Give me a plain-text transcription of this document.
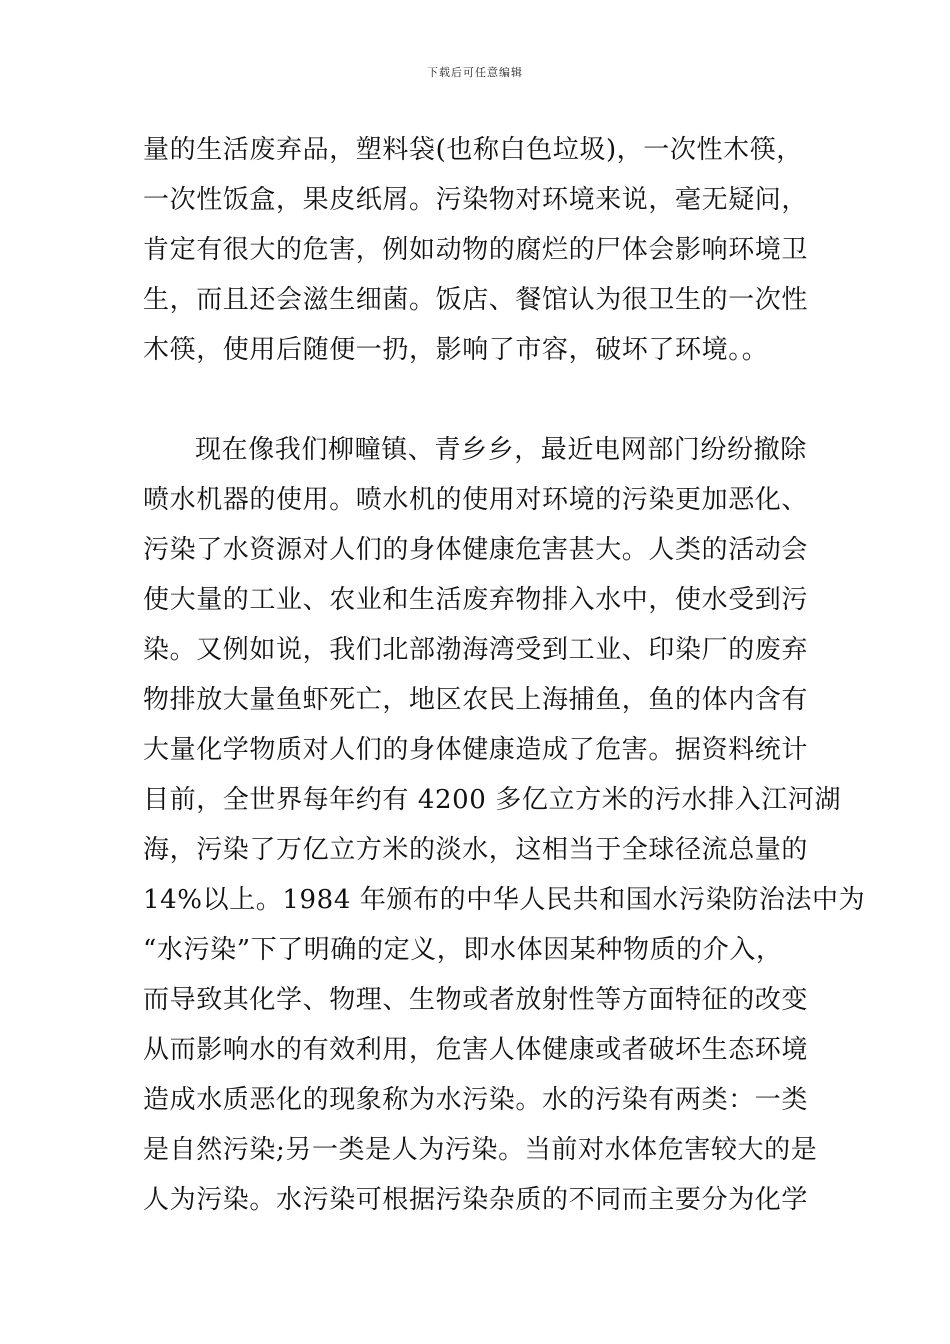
下载后可任意编辑
量的生活废弃品，塑料袋(也称白色垃圾)，一次性木筷，
一次性饭盒，果皮纸屑。污染物对环境来说，毫无疑问，
肯定有很大的危害，例如动物的腐烂的尸体会影响环境卫
生，而且还会滋生细菌。饭店、餐馆认为很卫生的一次性
木筷，使用后随便一扔，影响了市容，破坏了环境。。
现在像我们柳疃镇、青乡乡，最近电网部门纷纷撤除
喷水机器的使用。喷水机的使用对环境的污染更加恶化、
污染了水资源对人们的身体健康危害甚大。人类的活动会
使大量的工业、农业和生活废弃物排入水中，使水受到污
染。又例如说，我们北部渤海湾受到工业、印染厂的废弃
物排放大量鱼虾死亡，地区农民上海捕鱼，鱼的体内含有
大量化学物质对人们的身体健康造成了危害。据资料统计
目前，全世界每年约有 4200 多亿立方米的污水排入江河湖
海，污染了万亿立方米的淡水，这相当于全球径流总量的
14%以上。1984 年颁布的中华人民共和国水污染防治法中为
“水污染”下了明确的定义，即水体因某种物质的介入，
而导致其化学、物理、生物或者放射性等方面特征的改变
从而影响水的有效利用，危害人体健康或者破坏生态环境
造成水质恶化的现象称为水污染。水的污染有两类：一类
是自然污染;另一类是人为污染。当前对水体危害较大的是
人为污染。水污染可根据污染杂质的不同而主要分为化学
